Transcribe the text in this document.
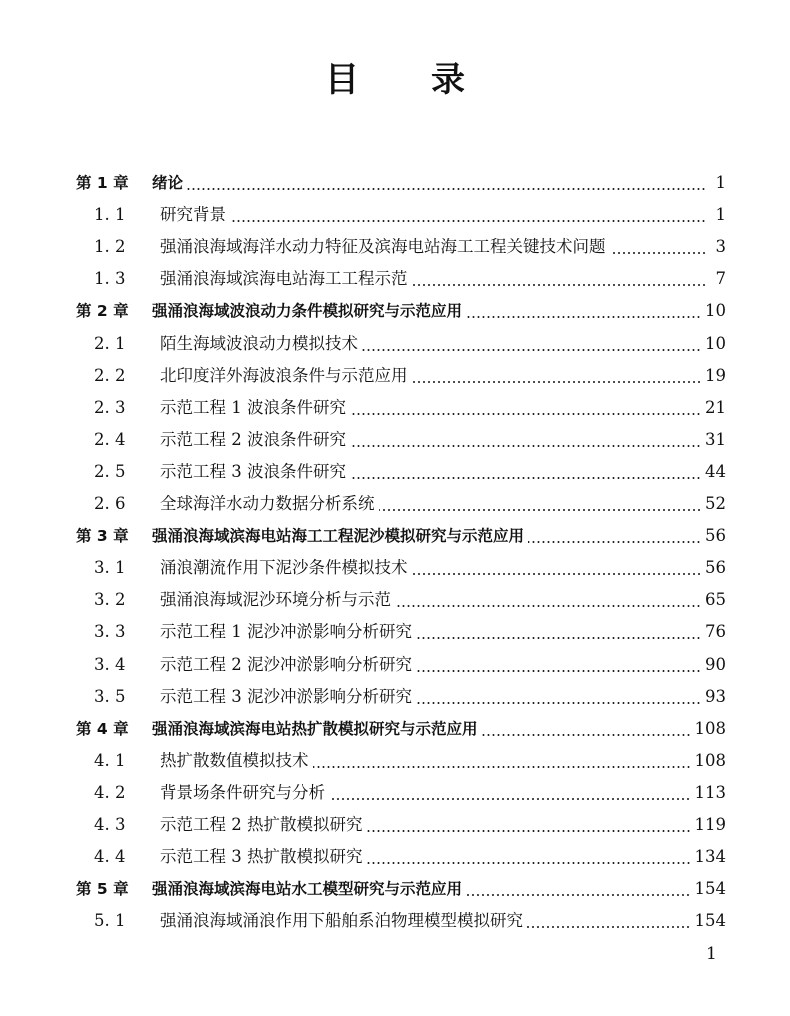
目 录
第 1 章	绪论	1
1. 1	研究背景	1
1. 2	强涌浪海域海洋水动力特征及滨海电站海工工程关键技术问题	3
1. 3	强涌浪海域滨海电站海工工程示范	7
第 2 章	强涌浪海域波浪动力条件模拟研究与示范应用	10
2. 1	陌生海域波浪动力模拟技术	10
2. 2	北印度洋外海波浪条件与示范应用	19
2. 3	示范工程 1 波浪条件研究	21
2. 4	示范工程 2 波浪条件研究	31
2. 5	示范工程 3 波浪条件研究	44
2. 6	全球海洋水动力数据分析系统	52
第 3 章	强涌浪海域滨海电站海工工程泥沙模拟研究与示范应用	56
3. 1	涌浪潮流作用下泥沙条件模拟技术	56
3. 2	强涌浪海域泥沙环境分析与示范	65
3. 3	示范工程 1 泥沙冲淤影响分析研究	76
3. 4	示范工程 2 泥沙冲淤影响分析研究	90
3. 5	示范工程 3 泥沙冲淤影响分析研究	93
第 4 章	强涌浪海域滨海电站热扩散模拟研究与示范应用	108
4. 1	热扩散数值模拟技术	108
4. 2	背景场条件研究与分析	113
4. 3	示范工程 2 热扩散模拟研究	119
4. 4	示范工程 3 热扩散模拟研究	134
第 5 章	强涌浪海域滨海电站水工模型研究与示范应用	154
5. 1	强涌浪海域涌浪作用下船舶系泊物理模型模拟研究	154
1
